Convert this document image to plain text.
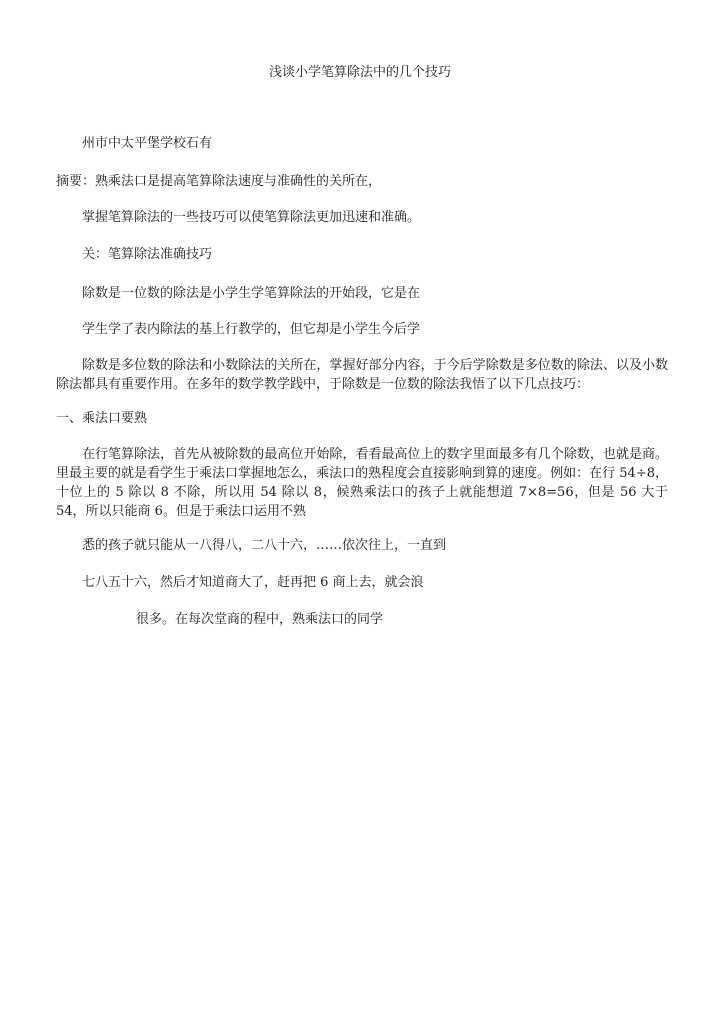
浅谈小学笔算除法中的几个技巧
州市中太平堡学校石有
摘要：熟乘法口是提高笔算除法速度与准确性的关所在，
掌握笔算除法的一些技巧可以使笔算除法更加迅速和准确。
关：笔算除法准确技巧
除数是一位数的除法是小学生学笔算除法的开始段，它是在
学生学了表内除法的基上行教学的，但它却是小学生今后学
除数是多位数的除法和小数除法的关所在，掌握好部分内容，于今后学除数是多位数的除法、以及小数除法都具有重要作用。在多年的数学教学践中，于除数是一位数的除法我悟了以下几点技巧：
一、乘法口要熟
在行笔算除法，首先从被除数的最高位开始除，看看最高位上的数字里面最多有几个除数，也就是商。里最主要的就是看学生于乘法口掌握地怎么，乘法口的熟程度会直接影响到算的速度。例如：在行 54÷8，十位上的 5 除以 8 不除，所以用 54 除以 8，候熟乘法口的孩子上就能想道 7×8=56，但是 56 大于 54，所以只能商 6。但是于乘法口运用不熟
悉的孩子就只能从一八得八，二八十六，……依次往上，一直到
七八五十六，然后才知道商大了，赶再把 6 商上去，就会浪
很多。在每次堂商的程中，熟乘法口的同学
